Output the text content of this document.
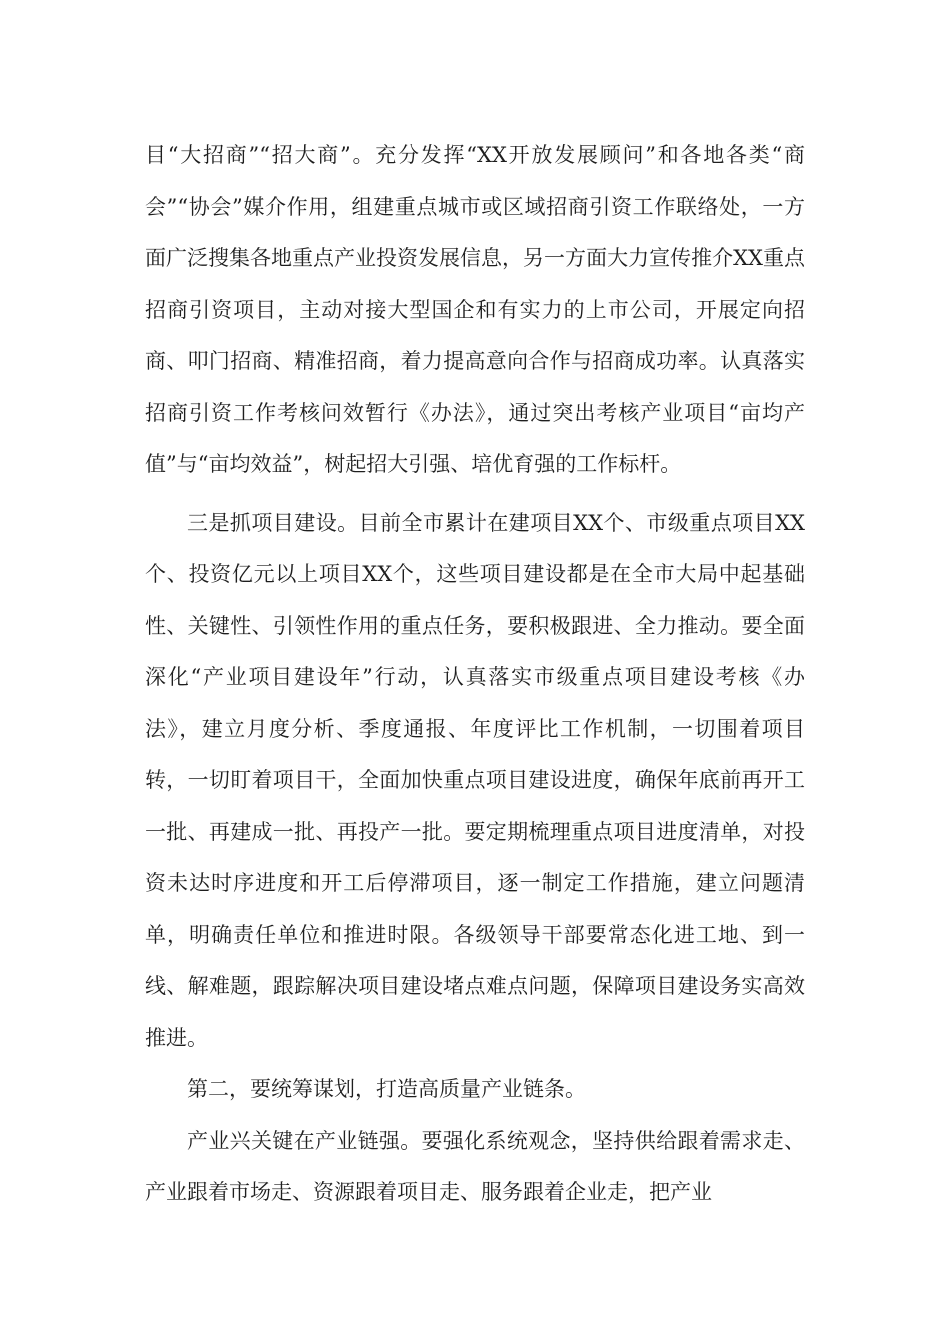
目“大招商”“招大商”。充分发挥“XX开放发展顾问”和各地各类“商会”“协会”媒介作用，组建重点城市或区域招商引资工作联络处，一方面广泛搜集各地重点产业投资发展信息，另一方面大力宣传推介XX重点招商引资项目，主动对接大型国企和有实力的上市公司，开展定向招商、叩门招商、精准招商，着力提高意向合作与招商成功率。认真落实招商引资工作考核问效暂行《办法》，通过突出考核产业项目“亩均产值”与“亩均效益”，树起招大引强、培优育强的工作标杆。

三是抓项目建设。目前全市累计在建项目XX个、市级重点项目XX个、投资亿元以上项目XX个，这些项目建设都是在全市大局中起基础性、关键性、引领性作用的重点任务，要积极跟进、全力推动。要全面深化“产业项目建设年”行动，认真落实市级重点项目建设考核《办法》，建立月度分析、季度通报、年度评比工作机制，一切围着项目转，一切盯着项目干，全面加快重点项目建设进度，确保年底前再开工一批、再建成一批、再投产一批。要定期梳理重点项目进度清单，对投资未达时序进度和开工后停滞项目，逐一制定工作措施，建立问题清单，明确责任单位和推进时限。各级领导干部要常态化进工地、到一线、解难题，跟踪解决项目建设堵点难点问题，保障项目建设务实高效推进。

第二，要统筹谋划，打造高质量产业链条。

产业兴关键在产业链强。要强化系统观念，坚持供给跟着需求走、产业跟着市场走、资源跟着项目走、服务跟着企业走，把产业
